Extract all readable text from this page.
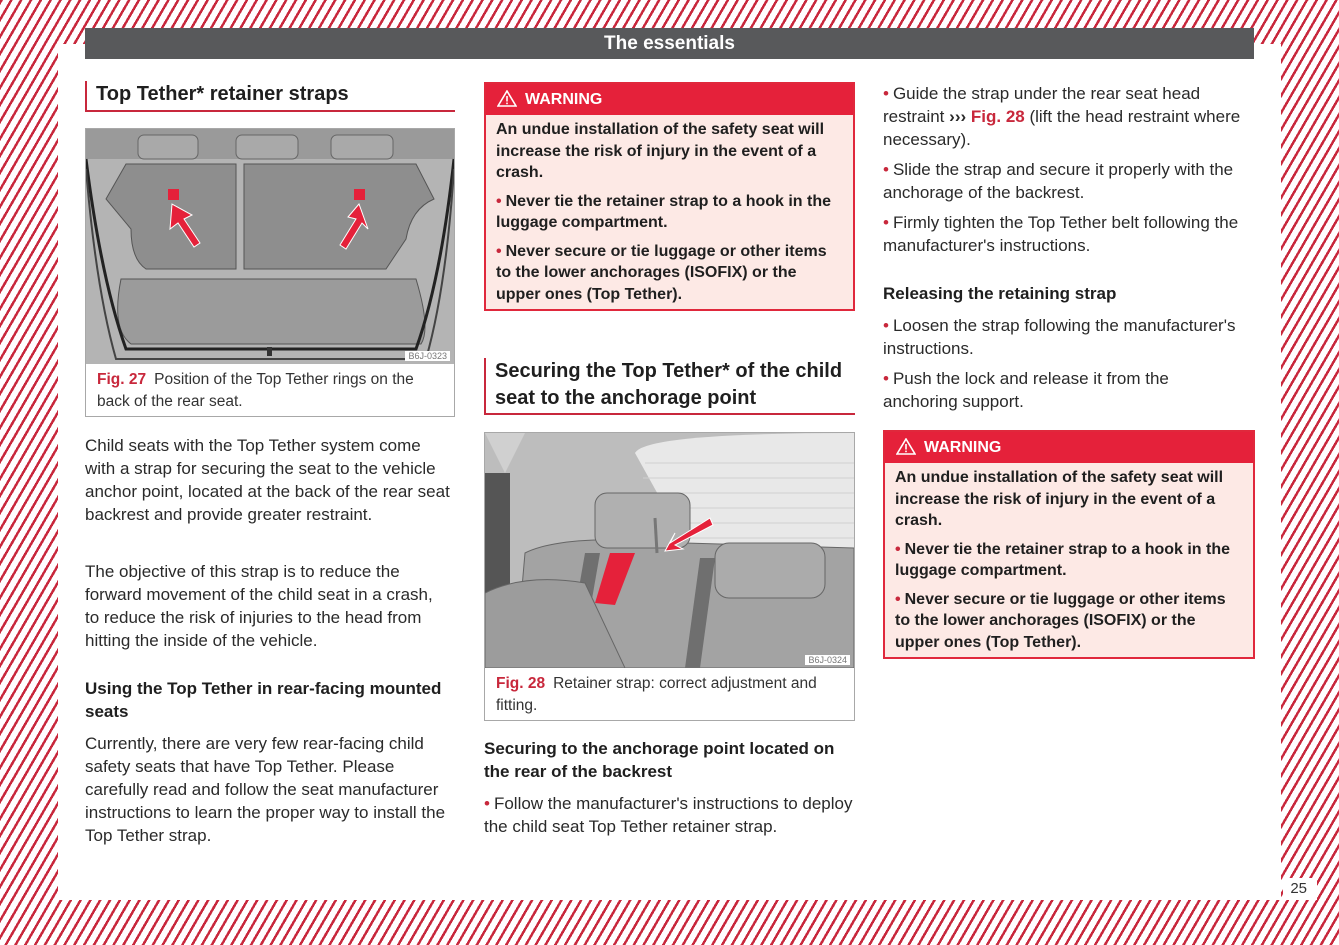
25
The essentials
Top Tether* retainer straps
B6J-0323
Fig. 27 Position of the Top Tether rings on the back of the rear seat.

Child seats with the Top Tether system come with a strap for securing the seat to the vehicle anchor point, located at the back of the rear seat backrest and provide greater restraint.

The objective of this strap is to reduce the forward movement of the child seat in a crash, to reduce the risk of injuries to the head from hitting the inside of the vehicle.

Using the Top Tether in rear-facing mounted seats

Currently, there are very few rear-facing child safety seats that have Top Tether. Please carefully read and follow the seat manufacturer instructions to learn the proper way to install the Top Tether strap.

WARNING

An undue installation of the safety seat will increase the risk of injury in the event of a crash.

• Never tie the retainer strap to a hook in the luggage compartment.

• Never secure or tie luggage or other items to the lower anchorages (ISOFIX) or the upper ones (Top Tether).

Securing the Top Tether* of the child seat to the anchorage point
B6J-0324
Fig. 28 Retainer strap: correct adjustment and fitting.
Securing to the anchorage point located on the rear of the backrest

• Follow the manufacturer's instructions to deploy the child seat Top Tether retainer strap.

• Guide the strap under the rear seat head restraint ››› Fig. 28 (lift the head restraint where necessary).

• Slide the strap and secure it properly with the anchorage of the backrest.

• Firmly tighten the Top Tether belt following the manufacturer's instructions.

Releasing the retaining strap

• Loosen the strap following the manufacturer's instructions.

• Push the lock and release it from the anchoring support.

WARNING

An undue installation of the safety seat will increase the risk of injury in the event of a crash.

• Never tie the retainer strap to a hook in the luggage compartment.

• Never secure or tie luggage or other items to the lower anchorages (ISOFIX) or the upper ones (Top Tether).
